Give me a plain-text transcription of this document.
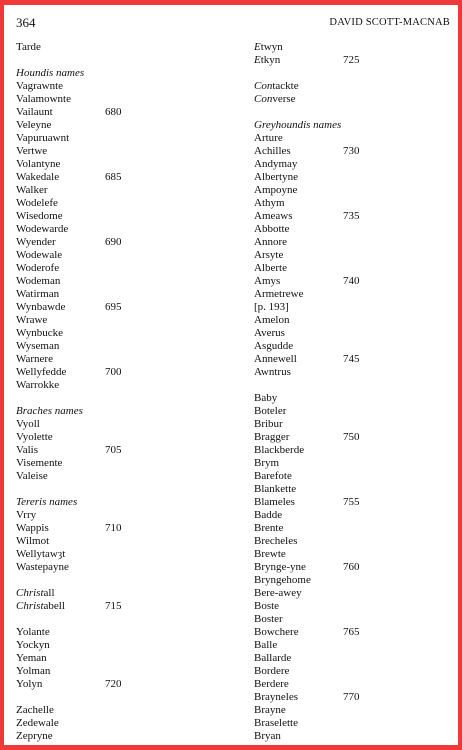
364	DAVID SCOTT-MACNAB
Tarde
Houndis names
Vagrawnte
Valamownte
Vailaunt	680
Veleyne
Vapuruawnt
Vertwe
Volantyne
Wakedale	685
Walker
Wodelefe
Wisedome
Wodewarde
Wyender	690
Wodewale
Woderofe
Wodeman
Watirman
Wynbawde	695
Wrawe
Wynbucke
Wyseman
Warnere
Wellyfedde	700
Warrokke
Braches names
Vyoll
Vyolette
Valis	705
Visemente
Valeise
Tereris names
Vrry
Wappis	710
Wilmot
Wellytawȝt
Wastepayne
Christall
Christabell	715
Yolante
Yockyn
Yeman
Yolman
Yolyn	720
Zachelle
Zedewale
Zepryne
Etwyn
Etkyn	725
Contackte
Converse
Greyhoundis names
Arture
Achilles	730
Andymay
Albertyne
Ampoyne
Athym
Ameaws	735
Abbotte
Annore
Arsyte
Alberte
Amys	740
Armetrewe
[p. 193]
Amelon
Averus
Asgudde
Annewell	745
Awntrus
Baby
Boteler
Bribur
Bragger	750
Blackberde
Brym
Barefote
Blankette
Blameles	755
Badde
Brente
Brecheles
Brewte
Brynge-yne	760
Bryngehome
Bere-awey
Boste
Boster
Bowchere	765
Balle
Ballarde
Bordere
Berdere
Brayneles	770
Brayne
Braselette
Bryan
